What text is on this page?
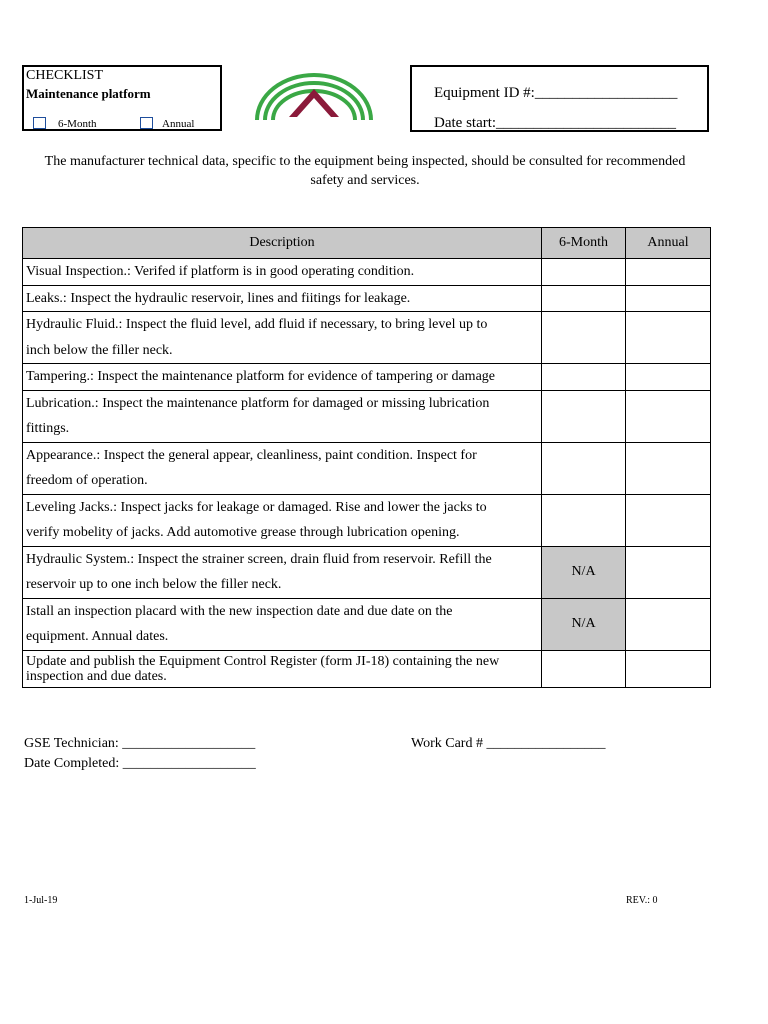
CHECKLIST
Maintenance platform
6-Month	Annual
Equipment ID #:___________________
Date start:________________________
The manufacturer technical data, specific to the equipment being inspected, should be consulted for recommended safety and services.
Description	6-Month	Annual
Visual Inspection.: Verifed if platform is in good operating condition.		
Leaks.: Inspect the hydraulic reservoir, lines and fiitings for leakage.		
Hydraulic Fluid.: Inspect the fluid level, add fluid if necessary, to bring level up to
inch below the filler neck.		
Tampering.: Inspect the maintenance platform for evidence of tampering or damage		
Lubrication.: Inspect the maintenance platform for damaged or missing lubrication
fittings.		
Appearance.: Inspect the general appear, cleanliness, paint condition. Inspect for
freedom of operation.		
Leveling Jacks.: Inspect jacks for leakage or damaged. Rise and lower the jacks to
verify mobelity of jacks. Add automotive grease through lubrication opening.		
Hydraulic System.: Inspect the strainer screen, drain fluid from reservoir. Refill the
reservoir up to one inch below the filler neck.	N/A	
Istall an inspection placard with the new inspection date and due date on the
equipment. Annual dates.	N/A	
Update and publish the Equipment Control Register (form JI-18) containing the new inspection and due dates.		
GSE Technician: ___________________
Date Completed: ___________________
Work Card # _________________
1-Jul-19	REV.: 0
